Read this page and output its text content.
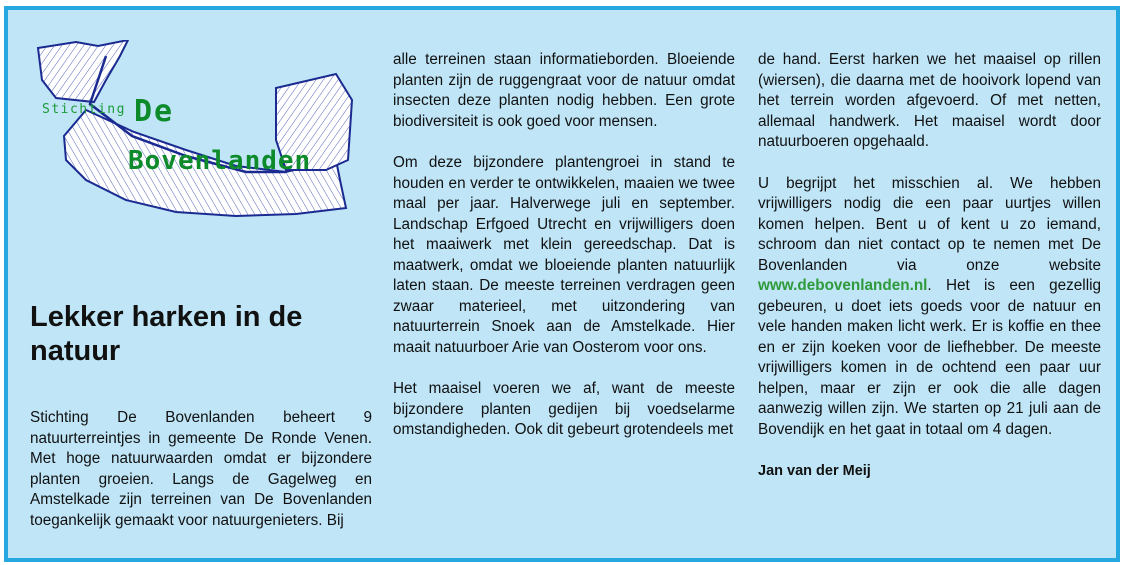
Stichting De
Bovenlanden
Lekker harken in de natuur

Stichting De Bovenlanden beheert 9 natuurterreintjes in gemeente De Ronde Venen. Met hoge natuurwaarden omdat er bijzondere planten groeien. Langs de Gagelweg en Amstelkade zijn terreinen van De Bovenlanden toegankelijk gemaakt voor natuurgenieters. Bij

alle terreinen staan informatieborden. Bloeiende planten zijn de ruggengraat voor de natuur omdat insecten deze planten nodig hebben. Een grote biodiversiteit is ook goed voor mensen.

Om deze bijzondere plantengroei in stand te houden en verder te ontwikkelen, maaien we twee maal per jaar. Halverwege juli en september. Landschap Erfgoed Utrecht en vrijwilligers doen het maaiwerk met klein gereedschap. Dat is maatwerk, omdat we bloeiende planten natuurlijk laten staan. De meeste terreinen verdragen geen zwaar materieel, met uitzondering van natuurterrein Snoek aan de Amstelkade. Hier maait natuurboer Arie van Oosterom voor ons.

Het maaisel voeren we af, want de meeste bijzondere planten gedijen bij voedselarme omstandigheden. Ook dit gebeurt grotendeels met

de hand. Eerst harken we het maaisel op rillen (wiersen), die daarna met de hooivork lopend van het terrein worden afgevoerd. Of met netten, allemaal handwerk. Het maaisel wordt door natuurboeren opgehaald.

U begrijpt het misschien al. We hebben vrijwilligers nodig die een paar uurtjes willen komen helpen. Bent u of kent u zo iemand, schroom dan niet contact op te nemen met De Bovenlanden via onze website www.debovenlanden.nl. Het is een gezellig gebeuren, u doet iets goeds voor de natuur en vele handen maken licht werk. Er is koffie en thee en er zijn koeken voor de liefhebber. De meeste vrijwilligers komen in de ochtend een paar uur helpen, maar er zijn er ook die alle dagen aanwezig willen zijn. We starten op 21 juli aan de Bovendijk en het gaat in totaal om 4 dagen.

Jan van der Meij
